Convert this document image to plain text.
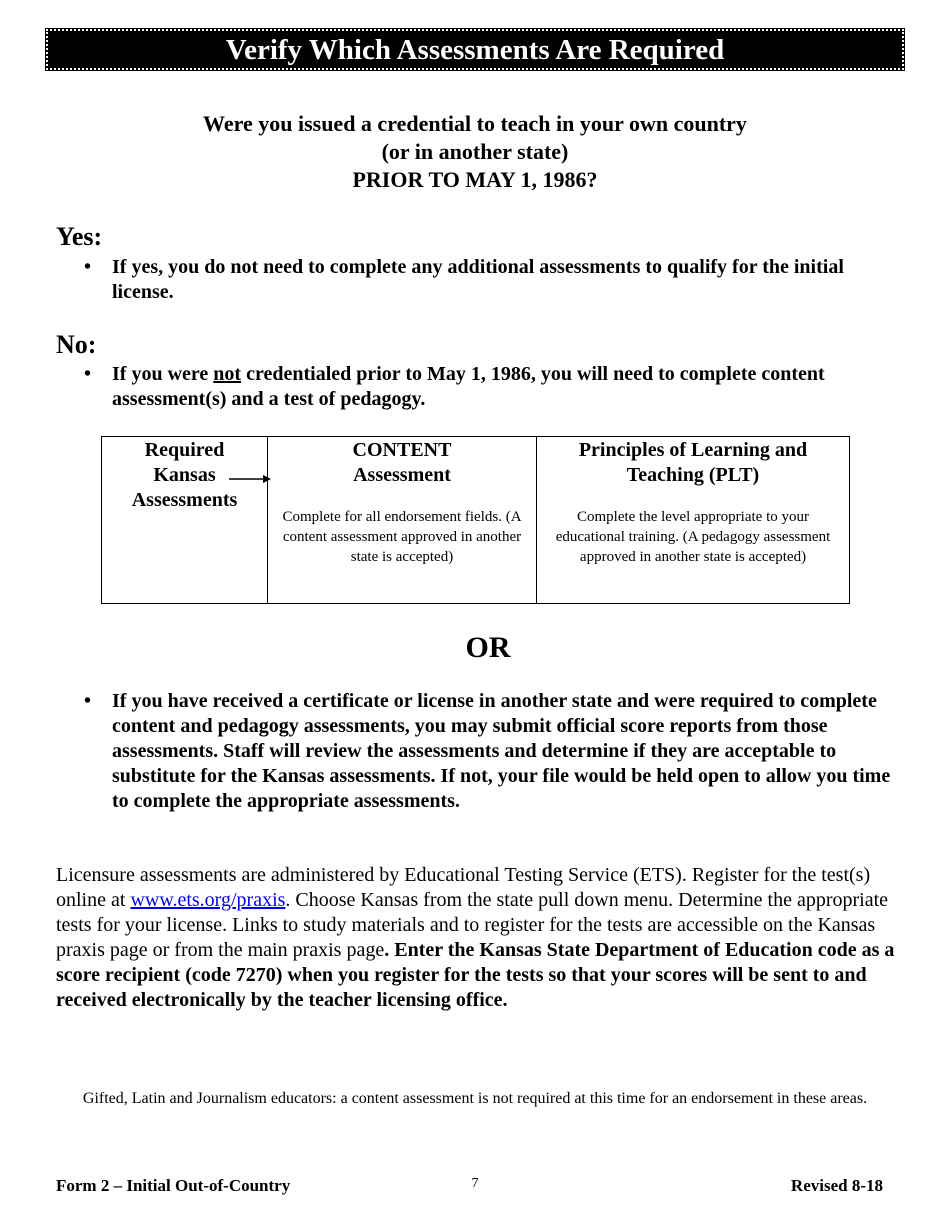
Verify Which Assessments Are Required
Were you issued a credential to teach in your own country
(or in another state)
PRIOR TO MAY 1, 1986?
Yes:
•	If yes, you do not need to complete any additional assessments to qualify for the initial license.
No:
•	If you were not credentialed prior to May 1, 1986, you will need to complete content assessment(s) and a test of pedagogy.
Required
Kansas
Assessments

CONTENT
Assessment
Complete for all endorsement fields. (A content assessment approved in another state is accepted)

Principles of Learning and
Teaching (PLT)
Complete the level appropriate to your educational training. (A pedagogy assessment approved in another state is accepted)
OR
•	If you have received a certificate or license in another state and were required to complete content and pedagogy assessments, you may submit official score reports from those assessments. Staff will review the assessments and determine if they are acceptable to substitute for the Kansas assessments. If not, your file would be held open to allow you time to complete the appropriate assessments.
Licensure assessments are administered by Educational Testing Service (ETS). Register for the test(s) online at www.ets.org/praxis. Choose Kansas from the state pull down menu. Determine the appropriate tests for your license. Links to study materials and to register for the tests are accessible on the Kansas praxis page or from the main praxis page. Enter the Kansas State Department of Education code as a score recipient (code 7270) when you register for the tests so that your scores will be sent to and received electronically by the teacher licensing office.
Gifted, Latin and Journalism educators: a content assessment is not required at this time for an endorsement in these areas.
Form 2 – Initial Out-of-Country	7	Revised 8-18
